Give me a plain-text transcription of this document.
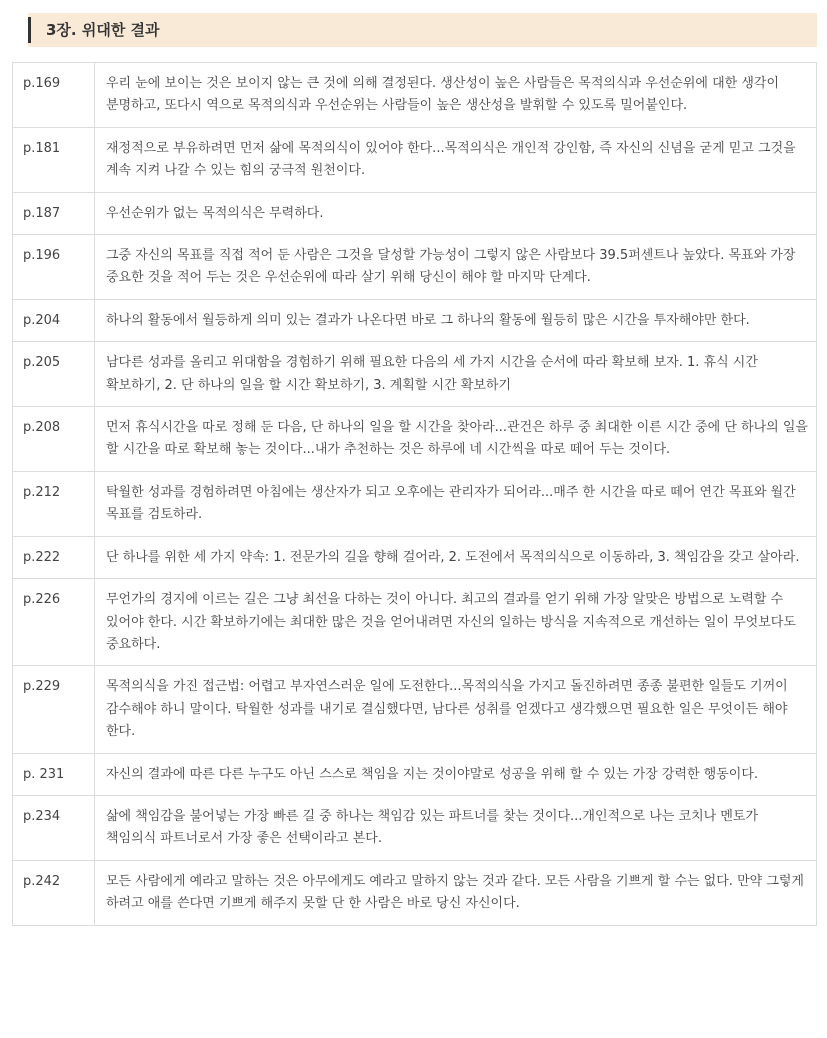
3장. 위대한 결과
p.169	우리 눈에 보이는 것은 보이지 않는 큰 것에 의해 결정된다. 생산성이 높은 사람들은 목적의식과 우선순위에 대한 생각이 분명하고, 또다시 역으로 목적의식과 우선순위는 사람들이 높은 생산성을 발휘할 수 있도록 밀어붙인다.
p.181	재정적으로 부유하려면 먼저 삶에 목적의식이 있어야 한다...목적의식은 개인적 강인함, 즉 자신의 신념을 굳게 믿고 그것을 계속 지켜 나갈 수 있는 힘의 궁극적 원천이다.
p.187	우선순위가 없는 목적의식은 무력하다.
p.196	그중 자신의 목표를 직접 적어 둔 사람은 그것을 달성할 가능성이 그렇지 않은 사람보다 39.5퍼센트나 높았다. 목표와 가장 중요한 것을 적어 두는 것은 우선순위에 따라 살기 위해 당신이 해야 할 마지막 단계다.
p.204	하나의 활동에서 월등하게 의미 있는 결과가 나온다면 바로 그 하나의 활동에 월등히 많은 시간을 투자해야만 한다.
p.205	남다른 성과를 올리고 위대함을 경험하기 위해 필요한 다음의 세 가지 시간을 순서에 따라 확보해 보자. 1. 휴식 시간 확보하기, 2. 단 하나의 일을 할 시간 확보하기, 3. 계획할 시간 확보하기
p.208	먼저 휴식시간을 따로 정해 둔 다음, 단 하나의 일을 할 시간을 찾아라...관건은 하루 중 최대한 이른 시간 중에 단 하나의 일을 할 시간을 따로 확보해 놓는 것이다...내가 추천하는 것은 하루에 네 시간씩을 따로 떼어 두는 것이다.
p.212	탁월한 성과를 경험하려면 아침에는 생산자가 되고 오후에는 관리자가 되어라...매주 한 시간을 따로 떼어 연간 목표와 월간 목표를 검토하라.
p.222	단 하나를 위한 세 가지 약속: 1. 전문가의 길을 향해 걸어라, 2. 도전에서 목적의식으로 이동하라, 3. 책임감을 갖고 살아라.
p.226	무언가의 경지에 이르는 길은 그냥 최선을 다하는 것이 아니다. 최고의 결과를 얻기 위해 가장 알맞은 방법으로 노력할 수 있어야 한다. 시간 확보하기에는 최대한 많은 것을 얻어내려면 자신의 일하는 방식을 지속적으로 개선하는 일이 무엇보다도 중요하다.
p.229	목적의식을 가진 접근법: 어렵고 부자연스러운 일에 도전한다...목적의식을 가지고 돌진하려면 종종 불편한 일들도 기꺼이 감수해야 하니 말이다. 탁월한 성과를 내기로 결심했다면, 남다른 성취를 얻겠다고 생각했으면 필요한 일은 무엇이든 해야 한다.
p. 231	자신의 결과에 따른 다른 누구도 아닌 스스로 책임을 지는 것이야말로 성공을 위해 할 수 있는 가장 강력한 행동이다.
p.234	삶에 책임감을 불어넣는 가장 빠른 길 중 하나는 책임감 있는 파트너를 찾는 것이다...개인적으로 나는 코치나 멘토가 책임의식 파트너로서 가장 좋은 선택이라고 본다.
p.242	모든 사람에게 예라고 말하는 것은 아무에게도 예라고 말하지 않는 것과 같다. 모든 사람을 기쁘게 할 수는 없다. 만약 그렇게 하려고 애를 쓴다면 기쁘게 해주지 못할 단 한 사람은 바로 당신 자신이다.
